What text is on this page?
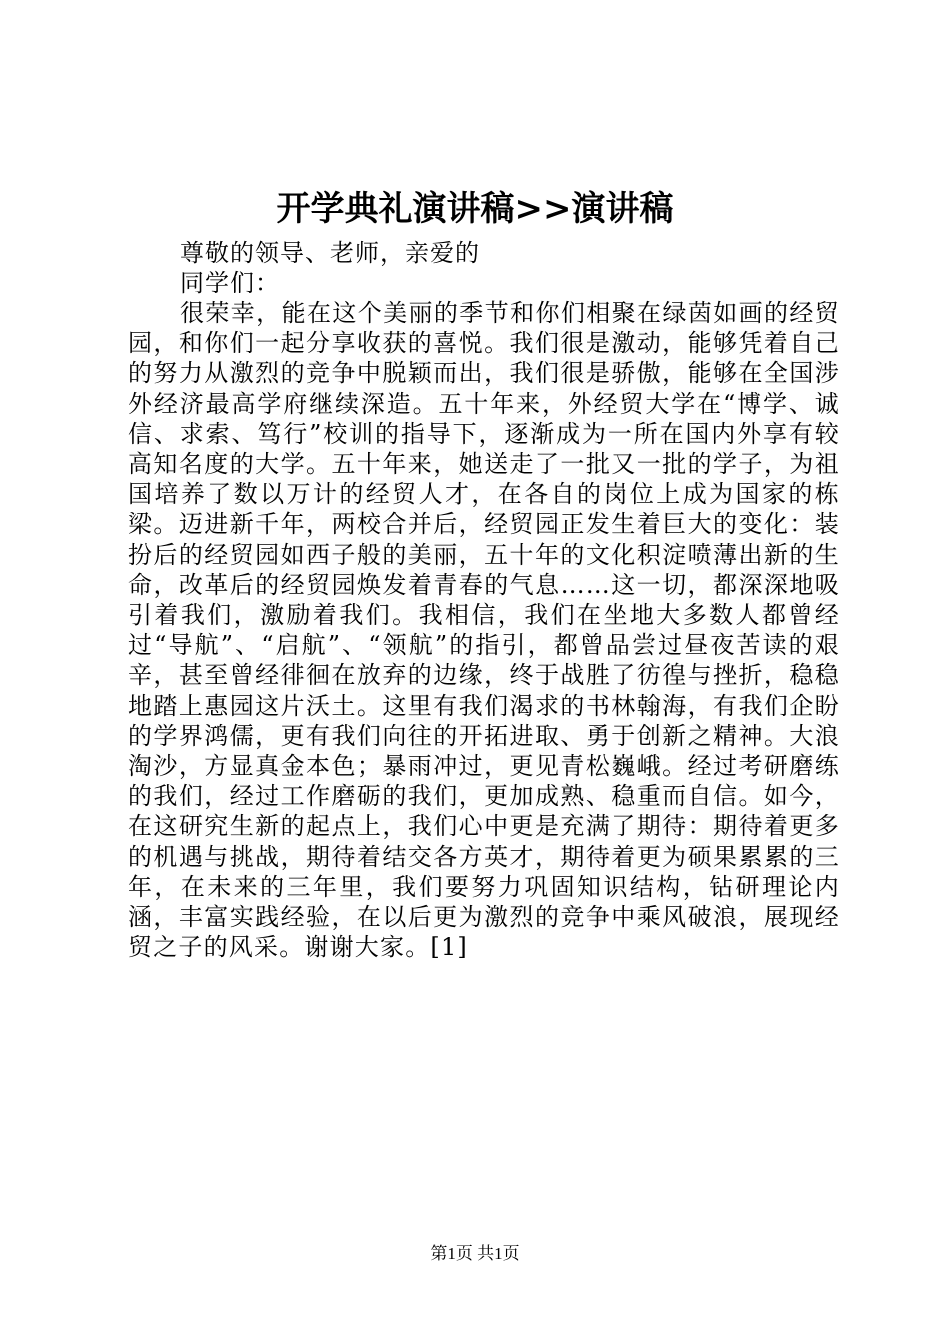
开学典礼演讲稿>>演讲稿
尊敬的领导、老师，亲爱的
同学们：
很荣幸，能在这个美丽的季节和你们相聚在绿茵如画的经贸园，和你们一起分享收获的喜悦。我们很是激动，能够凭着自己的努力从激烈的竞争中脱颖而出，我们很是骄傲，能够在全国涉外经济最高学府继续深造。五十年来，外经贸大学在“博学、诚信、求索、笃行”校训的指导下，逐渐成为一所在国内外享有较高知名度的大学。五十年来，她送走了一批又一批的学子，为祖国培养了数以万计的经贸人才，在各自的岗位上成为国家的栋梁。迈进新千年，两校合并后，经贸园正发生着巨大的变化：装扮后的经贸园如西子般的美丽，五十年的文化积淀喷薄出新的生命，改革后的经贸园焕发着青春的气息……这一切，都深深地吸引着我们，激励着我们。我相信，我们在坐地大多数人都曾经过“导航”、“启航”、“领航”的指引，都曾品尝过昼夜苦读的艰辛，甚至曾经徘徊在放弃的边缘，终于战胜了彷徨与挫折，稳稳地踏上惠园这片沃土。这里有我们渴求的书林翰海，有我们企盼的学界鸿儒，更有我们向往的开拓进取、勇于创新之精神。大浪淘沙，方显真金本色；暴雨冲过，更见青松巍峨。经过考研磨练的我们，经过工作磨砺的我们，更加成熟、稳重而自信。如今，在这研究生新的起点上，我们心中更是充满了期待：期待着更多的机遇与挑战，期待着结交各方英才，期待着更为硕果累累的三年，在未来的三年里，我们要努力巩固知识结构，钻研理论内涵，丰富实践经验，在以后更为激烈的竞争中乘风破浪，展现经贸之子的风采。谢谢大家。[1]
第1页 共1页
